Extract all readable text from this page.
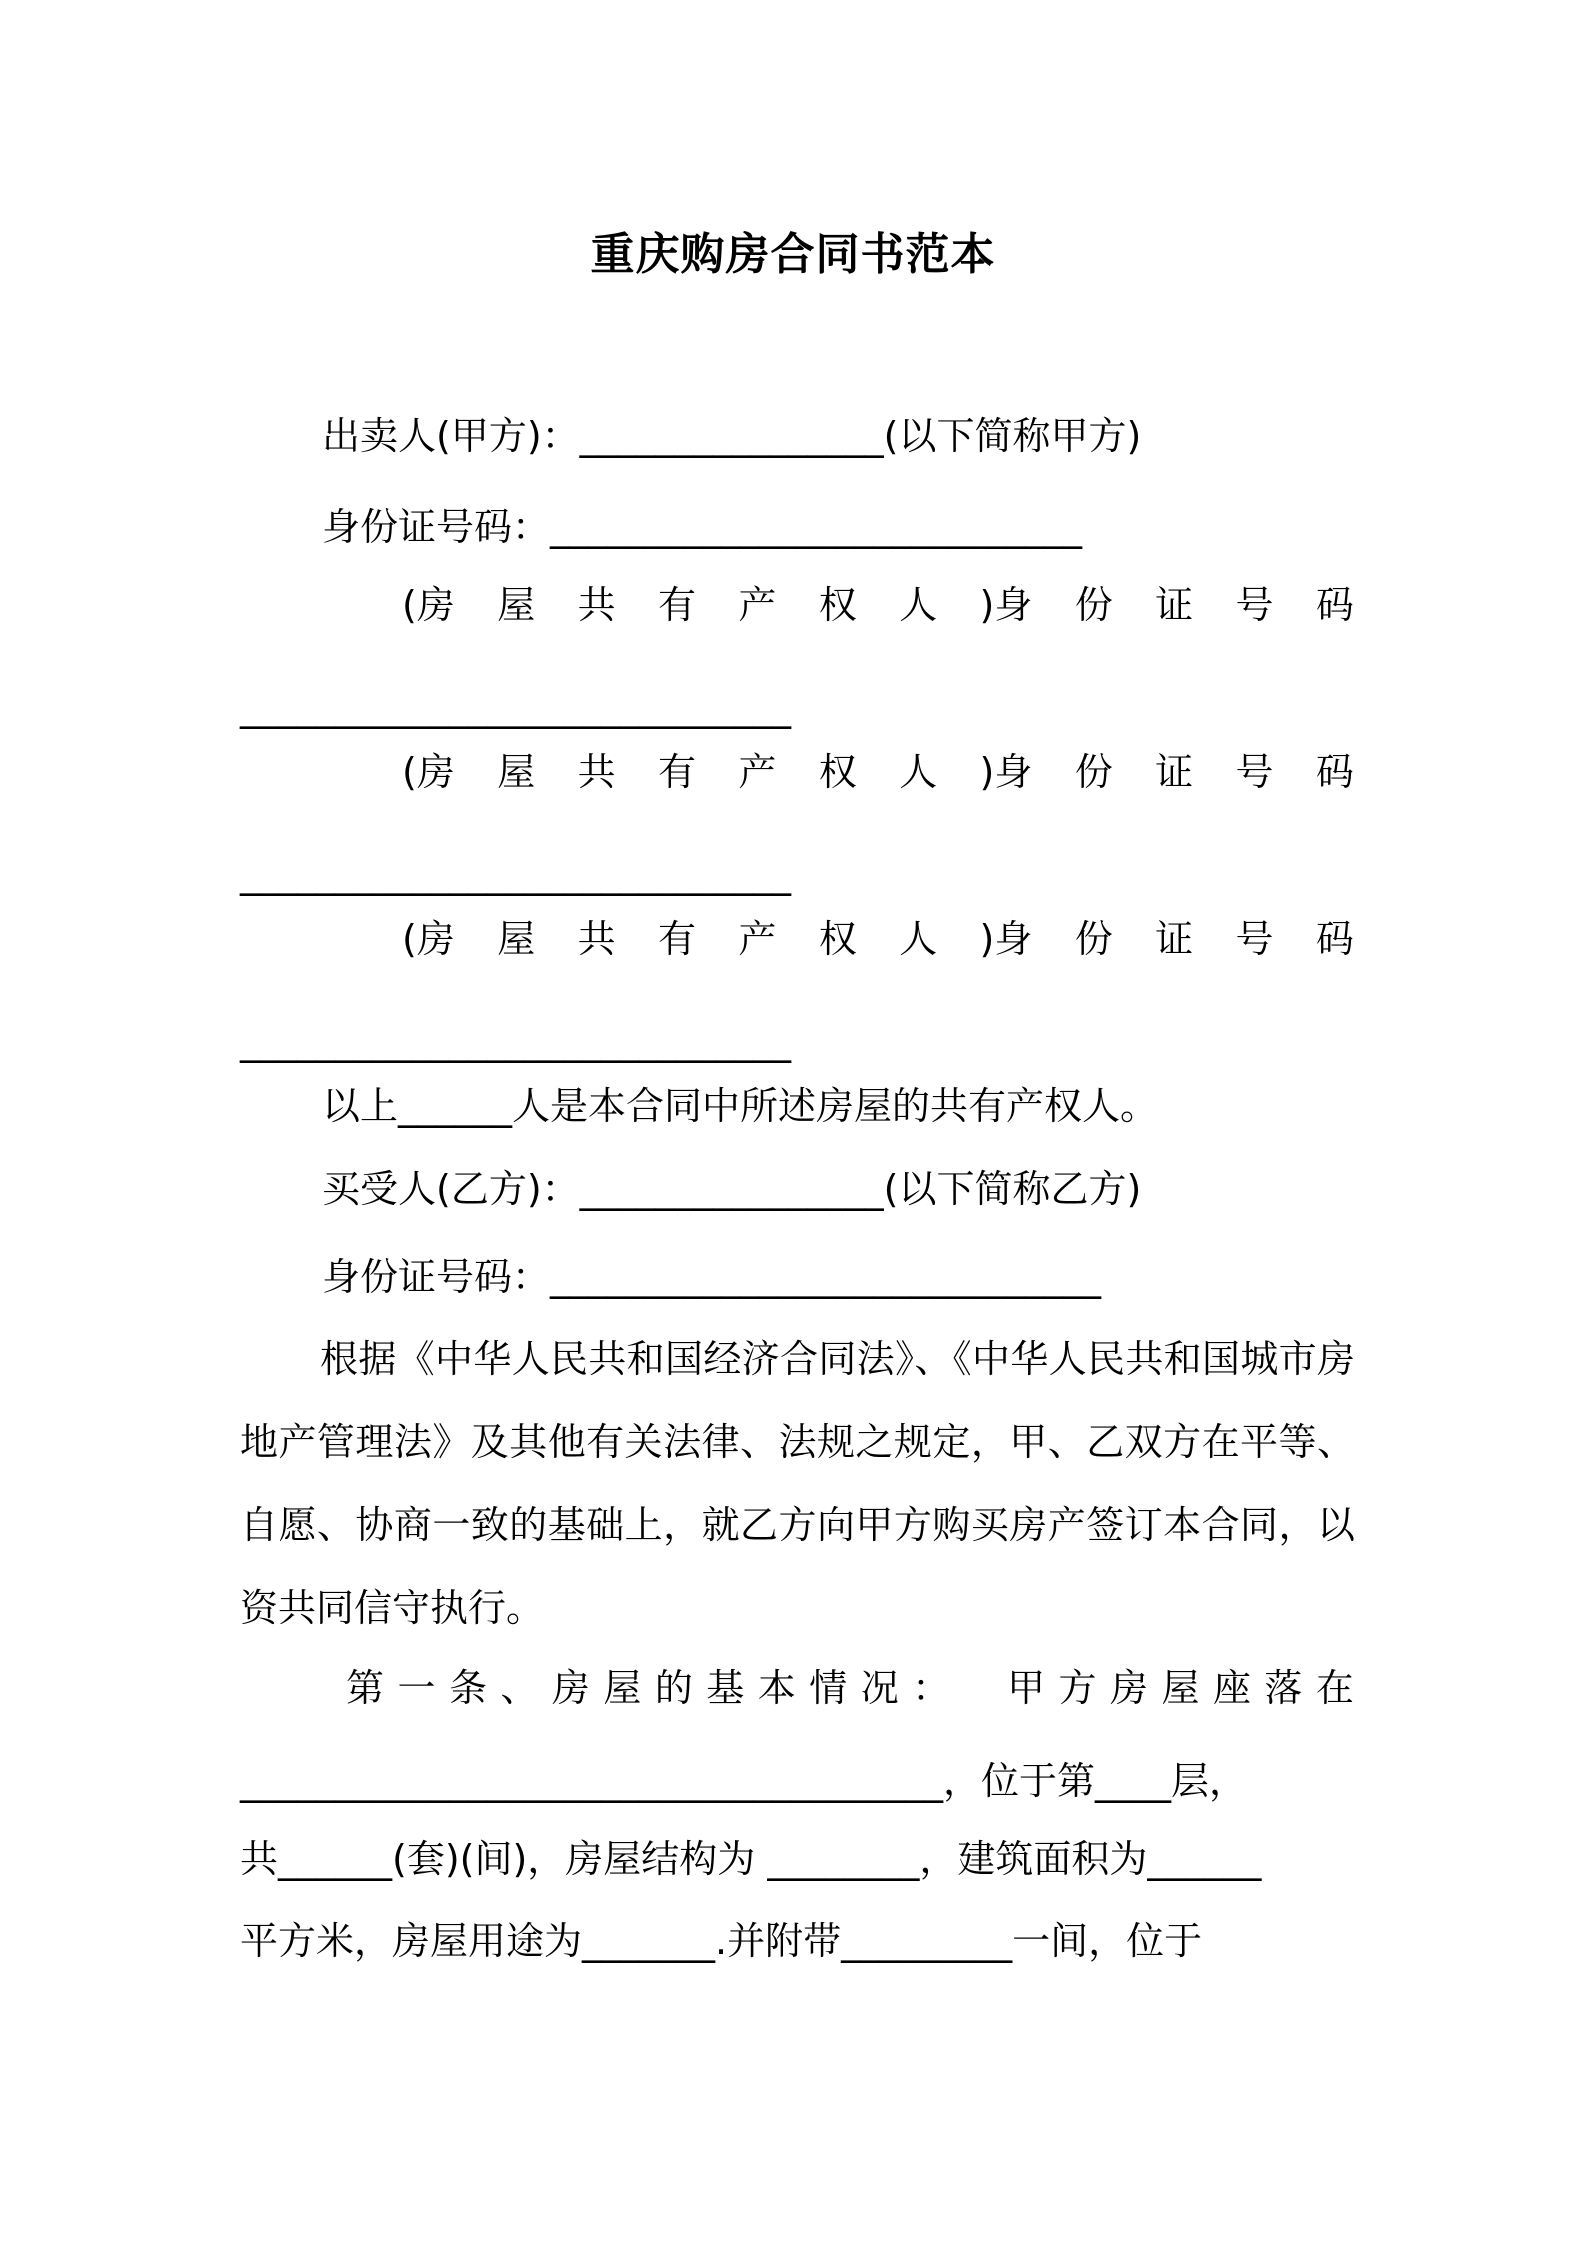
重庆购房合同书范本
出卖人(甲方)：________________(以下简称甲方)
身份证号码：____________________________
(房 屋 共 有 产 权 人 )身 份 证 号 码
_____________________________
(房 屋 共 有 产 权 人 )身 份 证 号 码
_____________________________
(房 屋 共 有 产 权 人 )身 份 证 号 码
_____________________________
以上______人是本合同中所述房屋的共有产权人。
买受人(乙方)：________________(以下简称乙方)
身份证号码：_____________________________
根据《中华人民共和国经济合同法》、《中华人民共和国城市房地产管理法》及其他有关法律、法规之规定，甲、乙双方在平等、自愿、协商一致的基础上，就乙方向甲方购买房产签订本合同，以资共同信守执行。
第 一 条 、 房 屋 的 基 本 情 况 ： 甲 方 房 屋 座 落 在
_____________________________________，位于第____层，
共______(套)(间)，房屋结构为 ________，建筑面积为______
平方米，房屋用途为_______.并附带_________一间，位于
